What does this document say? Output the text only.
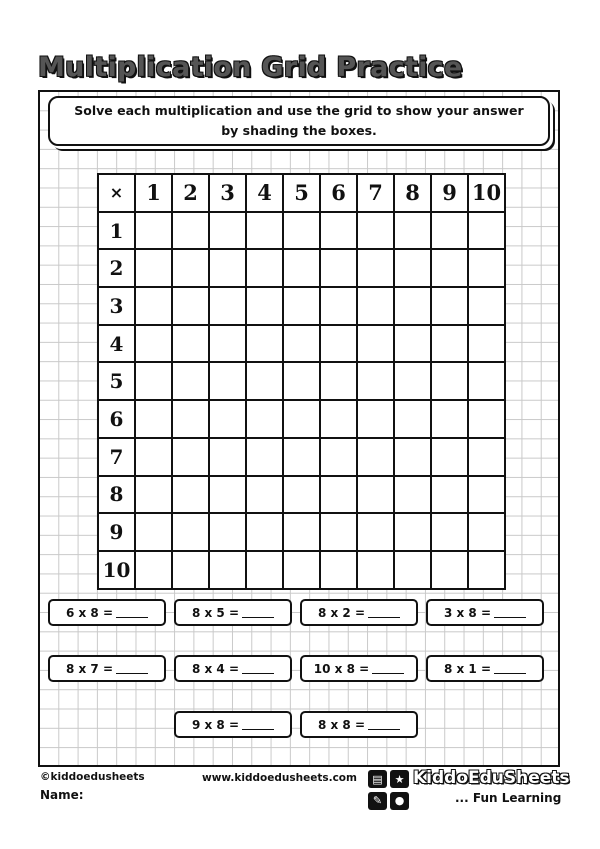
Multiplication Grid Practice
Solve each multiplication and use the grid to show your answer by shading the boxes.
×	1	2	3	4	5	6	7	8	9	10
1										
2										
3										
4										
5										
6										
7										
8										
9										
10										
6 x 8 =	8 x 5 =	8 x 2 =	3 x 8 =
8 x 7 =	8 x 4 =	10 x 8 =	8 x 1 =
9 x 8 =	8 x 8 =
©kiddoedusheets	www.kiddoedusheets.com
Name:
▤	★
✎	●
KiddoEduSheets
... Fun Learning
